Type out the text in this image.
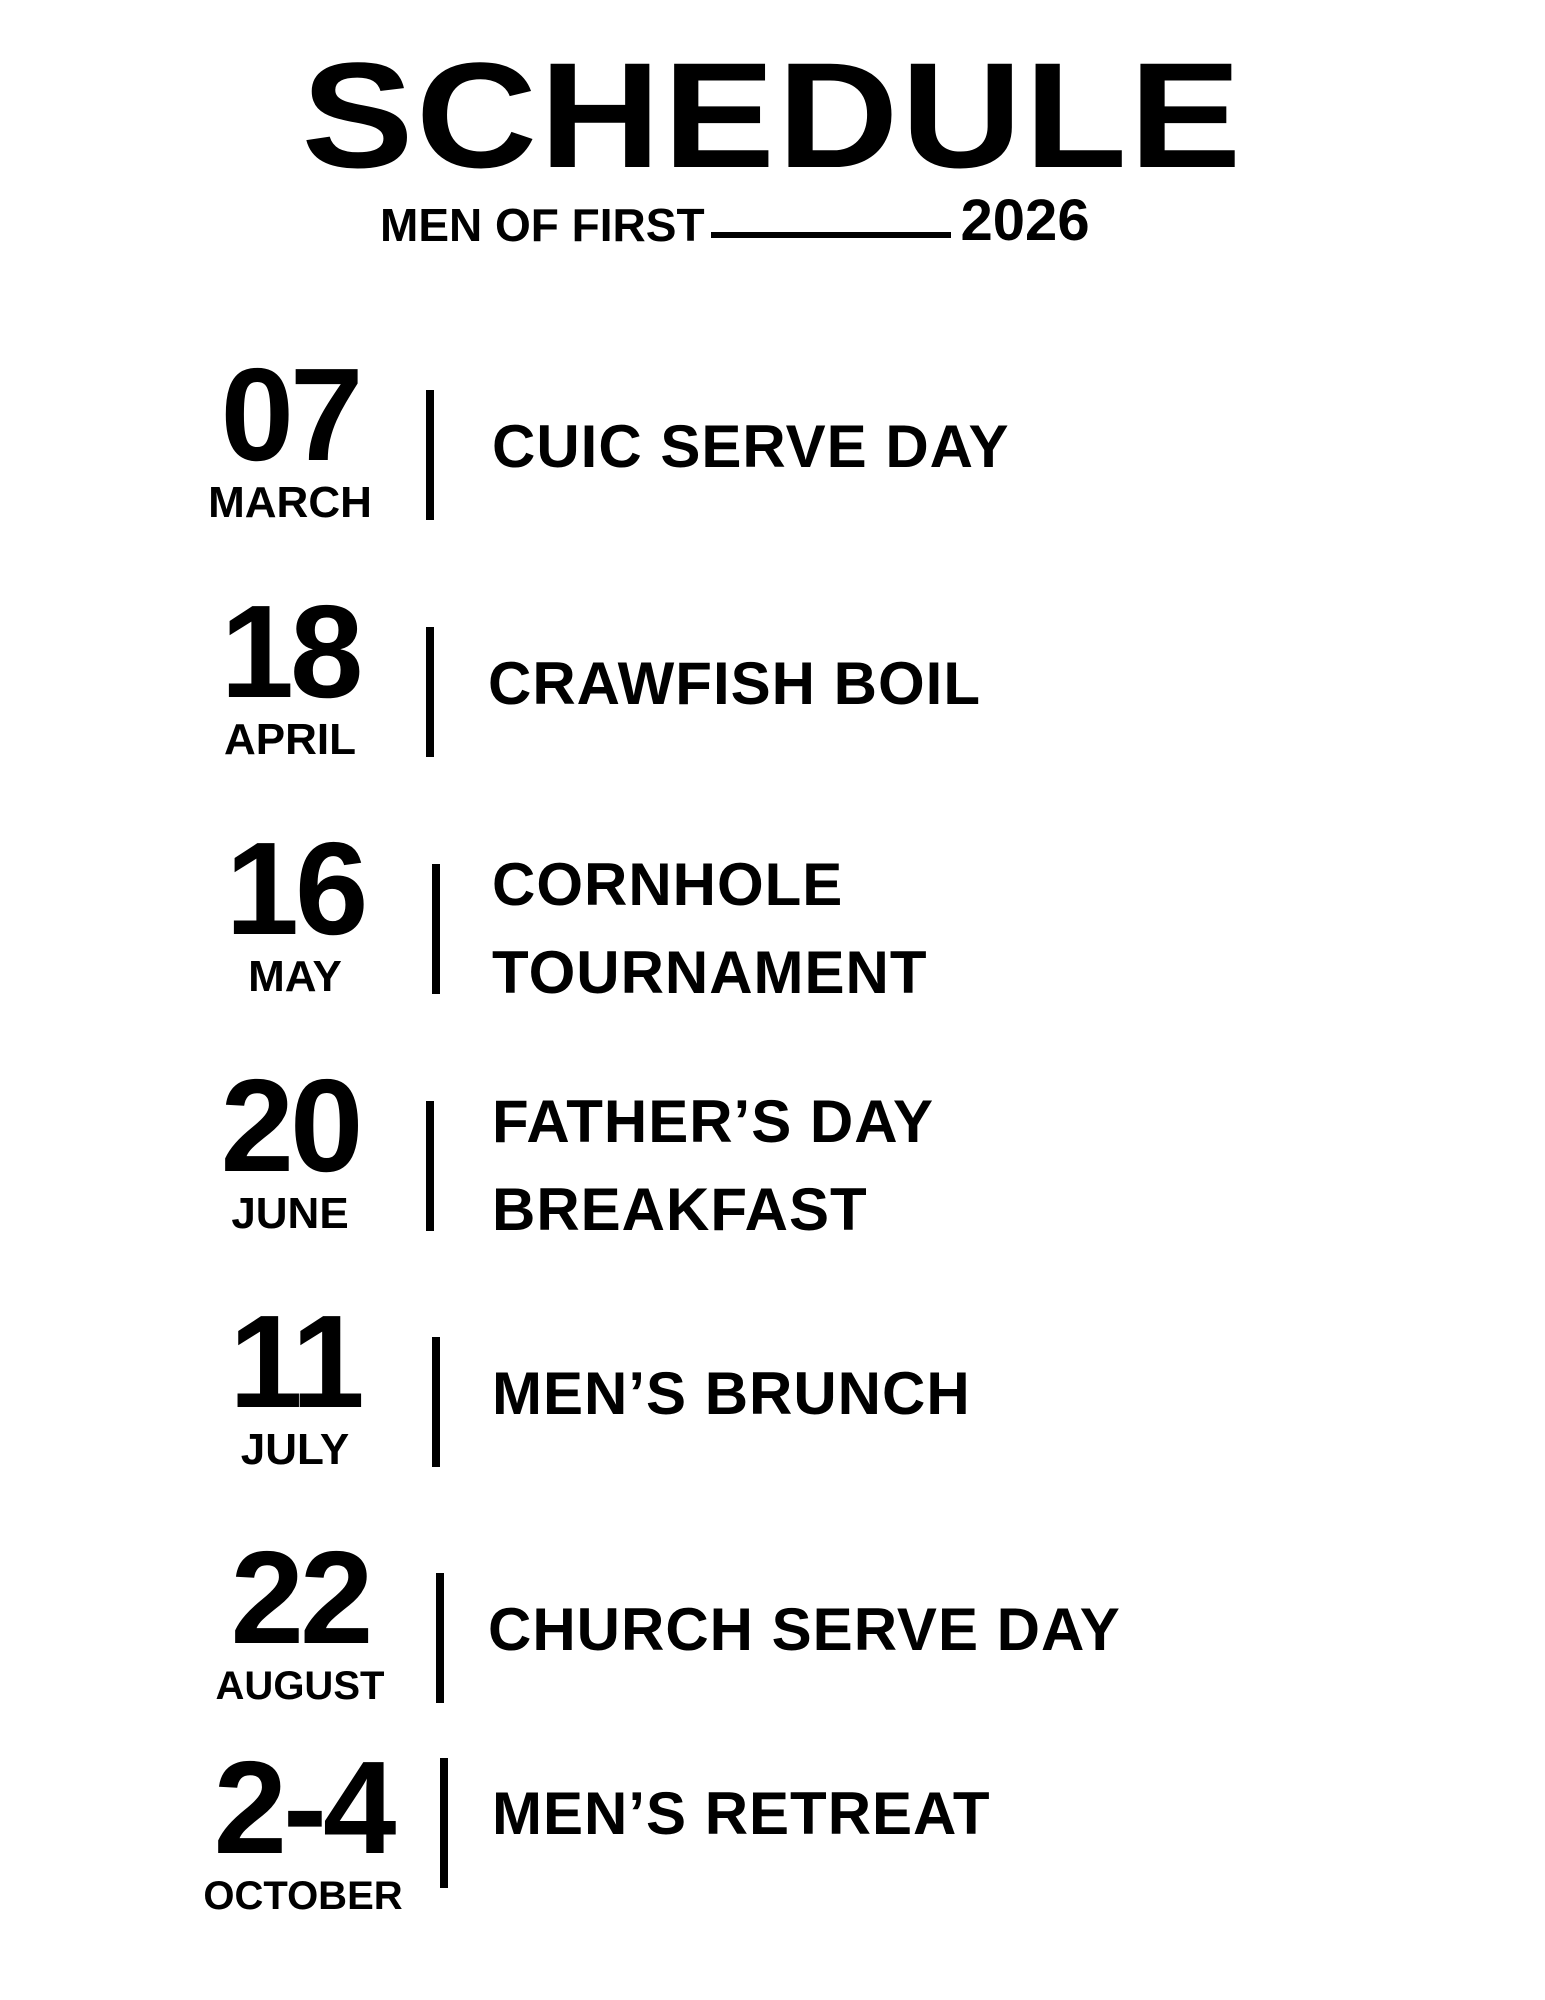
SCHEDULE
MEN OF FIRST	2026
07
MARCH
CUIC SERVE DAY
18
APRIL
CRAWFISH BOIL
16
MAY
CORNHOLE
TOURNAMENT
20
JUNE
FATHER’S DAY
BREAKFAST
11
JULY
MEN’S BRUNCH
22
AUGUST
CHURCH SERVE DAY
2-4
OCTOBER
MEN’S RETREAT
